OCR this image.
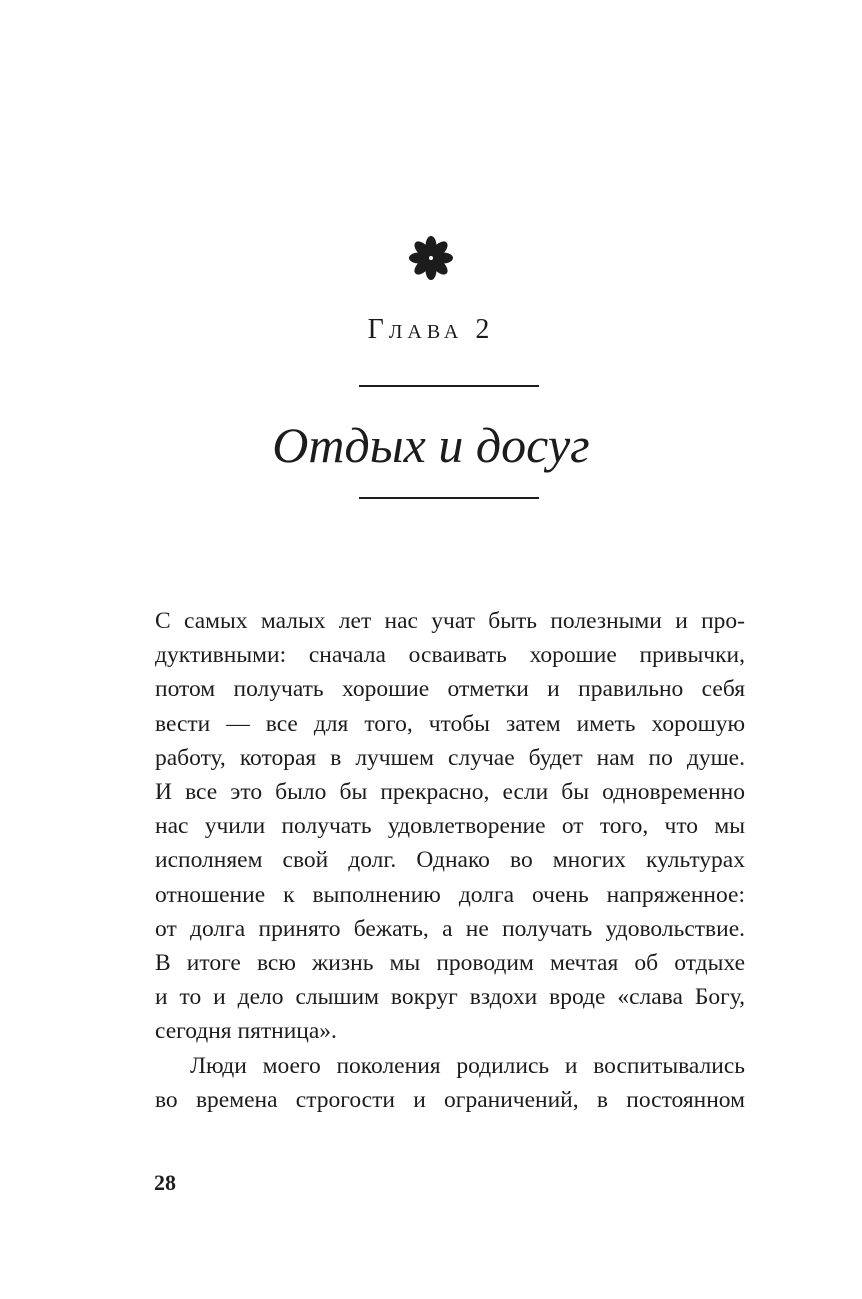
Глава 2
Отдых и досуг
С самых малых лет нас учат быть полезными и про-
дуктивными: сначала осваивать хорошие привычки,
потом получать хорошие отметки и правильно себя
вести — все для того, чтобы затем иметь хорошую
работу, которая в лучшем случае будет нам по душе.
И все это было бы прекрасно, если бы одновременно
нас учили получать удовлетворение от того, что мы
исполняем свой долг. Однако во многих культурах
отношение к выполнению долга очень напряженное:
от долга принято бежать, а не получать удовольствие.
В итоге всю жизнь мы проводим мечтая об отдыхе
и то и дело слышим вокруг вздохи вроде «слава Богу,
сегодня пятница».
Люди моего поколения родились и воспитывались
во времена строгости и ограничений, в постоянном
28
